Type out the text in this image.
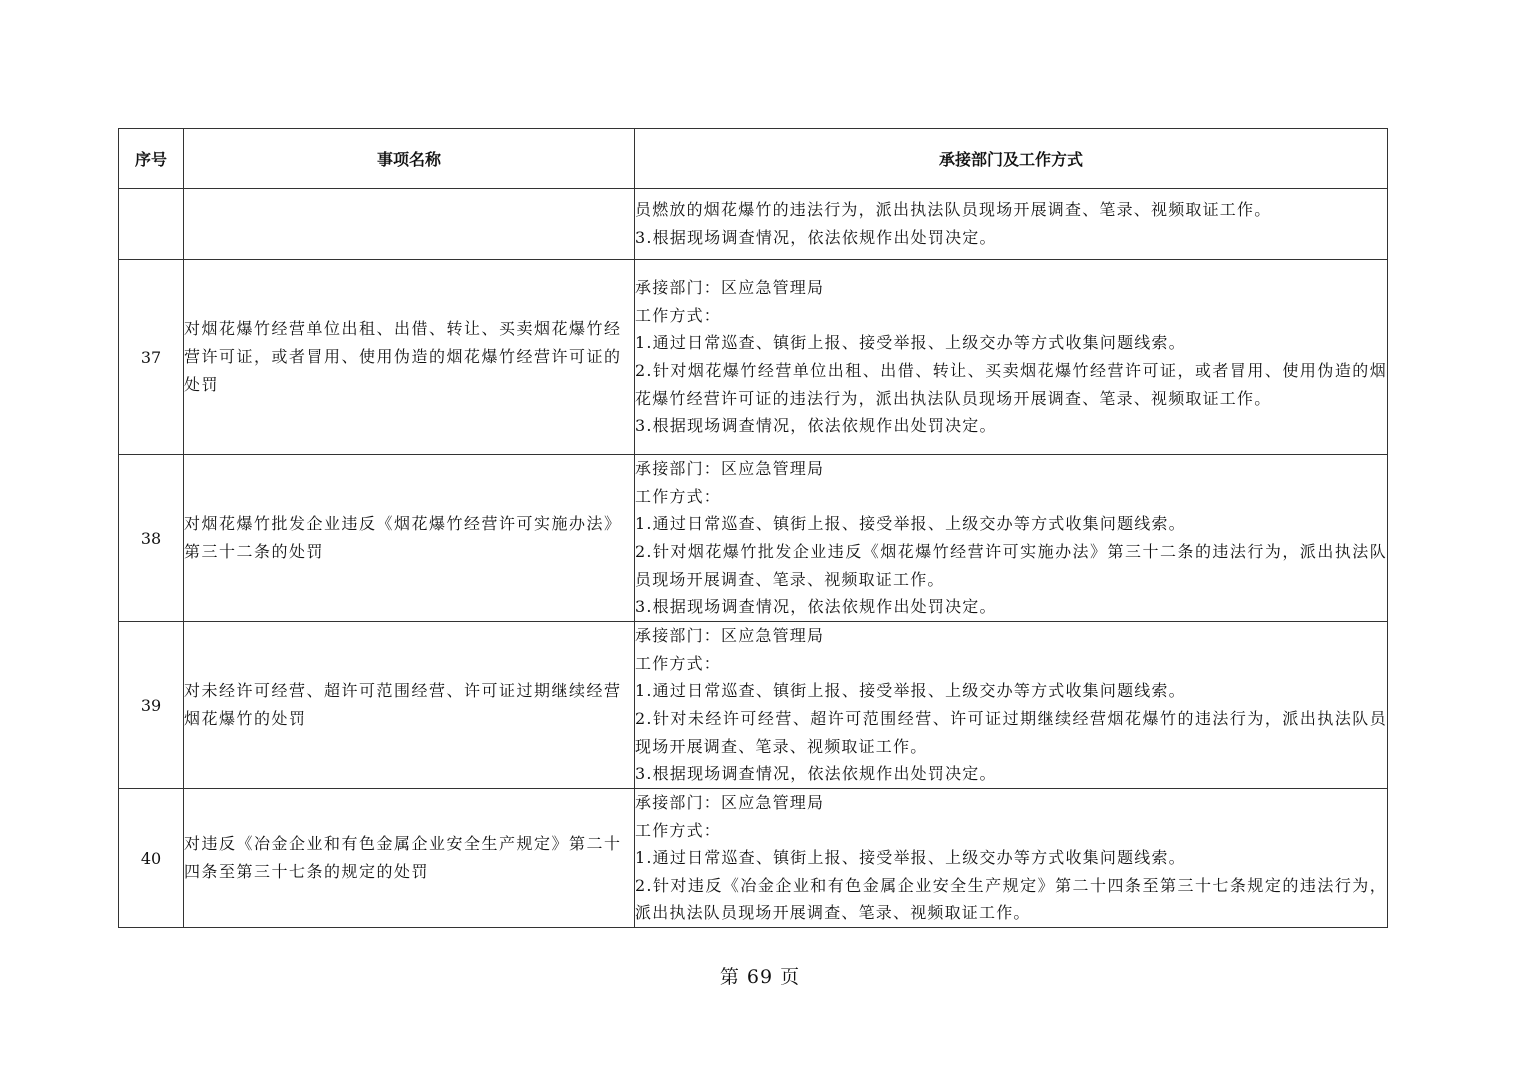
序号	事项名称	承接部门及工作方式

		员燃放的烟花爆竹的违法行为，派出执法队员现场开展调查、笔录、视频取证工作。
3.根据现场调查情况，依法依规作出处罚决定。

37	对烟花爆竹经营单位出租、出借、转让、买卖烟花爆竹经营许可证，或者冒用、使用伪造的烟花爆竹经营许可证的处罚	承接部门：区应急管理局
工作方式：
1.通过日常巡查、镇街上报、接受举报、上级交办等方式收集问题线索。
2.针对烟花爆竹经营单位出租、出借、转让、买卖烟花爆竹经营许可证，或者冒用、使用伪造的烟花爆竹经营许可证的违法行为，派出执法队员现场开展调查、笔录、视频取证工作。
3.根据现场调查情况，依法依规作出处罚决定。

38	对烟花爆竹批发企业违反《烟花爆竹经营许可实施办法》第三十二条的处罚	承接部门：区应急管理局
工作方式：
1.通过日常巡查、镇街上报、接受举报、上级交办等方式收集问题线索。
2.针对烟花爆竹批发企业违反《烟花爆竹经营许可实施办法》第三十二条的违法行为，派出执法队员现场开展调查、笔录、视频取证工作。
3.根据现场调查情况，依法依规作出处罚决定。

39	对未经许可经营、超许可范围经营、许可证过期继续经营烟花爆竹的处罚	承接部门：区应急管理局
工作方式：
1.通过日常巡查、镇街上报、接受举报、上级交办等方式收集问题线索。
2.针对未经许可经营、超许可范围经营、许可证过期继续经营烟花爆竹的违法行为，派出执法队员现场开展调查、笔录、视频取证工作。
3.根据现场调查情况，依法依规作出处罚决定。

40	对违反《冶金企业和有色金属企业安全生产规定》第二十四条至第三十七条的规定的处罚	承接部门：区应急管理局
工作方式：
1.通过日常巡查、镇街上报、接受举报、上级交办等方式收集问题线索。
2.针对违反《冶金企业和有色金属企业安全生产规定》第二十四条至第三十七条规定的违法行为，派出执法队员现场开展调查、笔录、视频取证工作。
第 69 页
